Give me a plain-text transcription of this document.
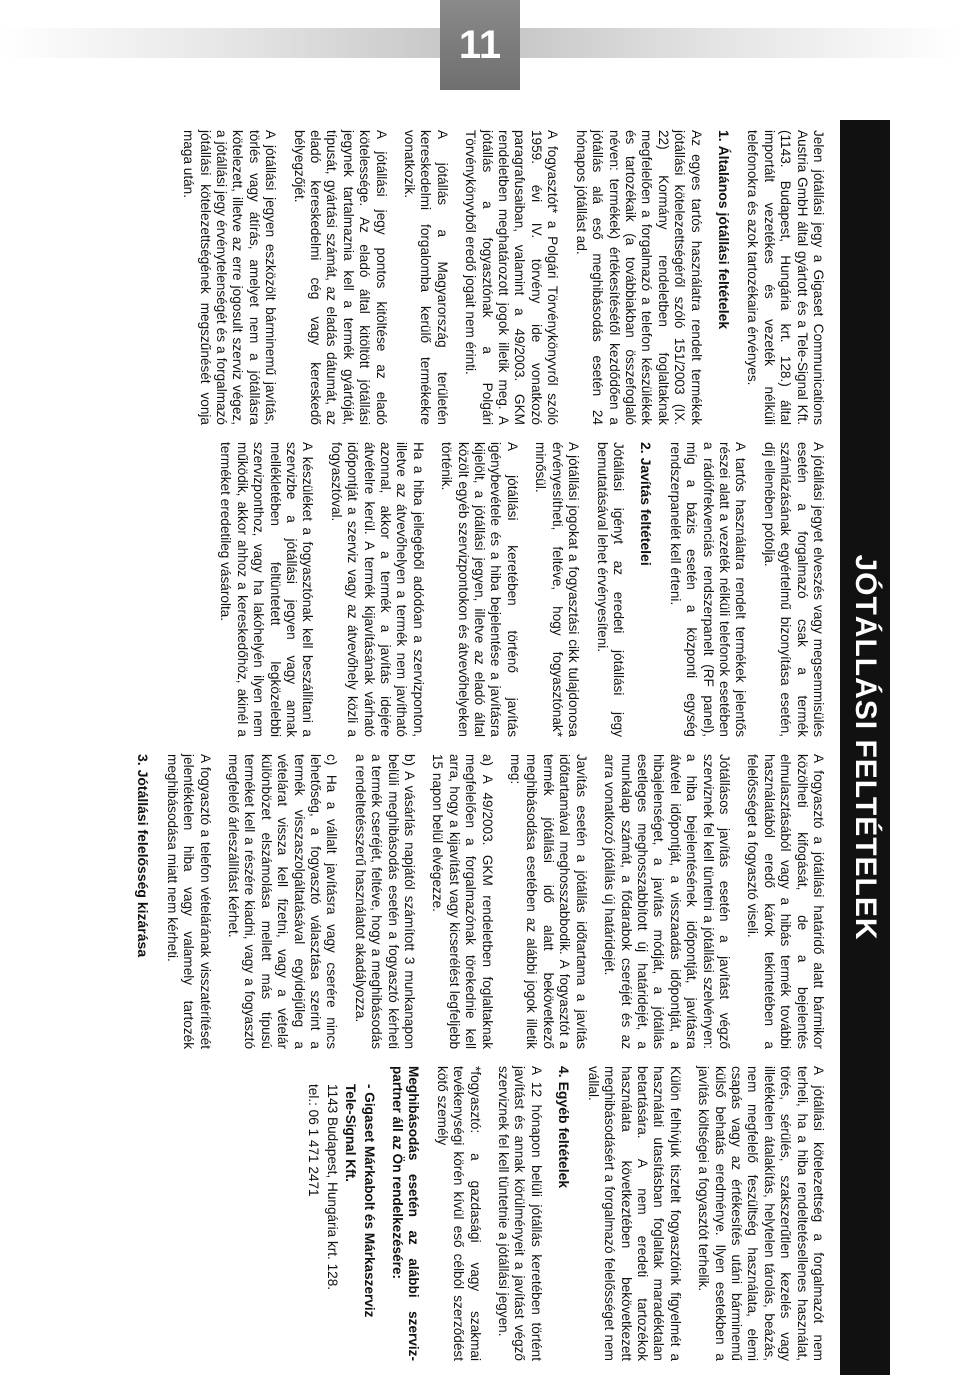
11
JÓTÁLLÁSI FELTÉTELEK

Jelen jótállási jegy a Gigaset Communications Austria GmbH által gyártott és a Tele-Signal Kft. (1143. Budapest, Hungária krt. 128.) által importált vezetékes és vezeték nélküli telefonokra és azok tartozékaira érvényes.

1. Általános jótállási feltételek

Az egyes tartós használatra rendelt termékek jótállási kötelezettségéről szóló 151/2003 (IX. 22) Kormány rendeletben foglaltaknak megfelelően a forgalmazó a telefon készülékek és tartozékaik (a továbbiakban összefoglaló néven: termékek) értékesítésétől kezdődően a jótállás alá eső meghibásodás esetén 24 hónapos jótállást ad.

A fogyasztót* a Polgári Törvénykönyvről szóló 1959. évi IV. törvény ide vonatkozó paragrafusaiban, valamint a 49/2003. GKM rendeletben meghatározott jogok illetik meg. A jótállás a fogyasztónak a Polgári Törvénykönyvből eredő jogait nem érinti.

A jótállás a Magyarország területén kereskedelmi forgalomba kerülő termékekre vonatkozik.

A jótállási jegy pontos kitöltése az eladó kötelessége. Az eladó által kitöltött jótállási jegynek tartalmaznia kell a termék gyártóját, típusát, gyártási számát, az eladás dátumát, az eladó kereskedelmi cég vagy kereskedő bélyegzőjét.

A jótállási jegyen eszközölt bárminemű javítás, törlés vagy átírás, amelyet nem a jótállásra kötelezett, illetve az erre jogosult szerviz végez, a jótállási jegy érvénytelenségét és a forgalmazó jótállási kötelezettségének megszűnését vonja maga után.

A jótállási jegyet elveszés vagy megsemmisülés esetén a forgalmazó csak a termék számlázásának egyértelmű bizonyítása esetén, díj ellenében pótolja.

A tartós használatra rendelt termékek jelentős részei alatt a vezeték nélküli telefonok esetében a rádiófrekvenciás rendszerpanelt (RF panel), míg a bázis esetén a központi egység rendszerpanelét kell érteni.

2. Javítás feltételei

Jótállási igényt az eredeti jótállási jegy bemutatásával lehet érvényesíteni.

A jótállási jogokat a fogyasztási cikk tulajdonosa érvényesítheti, feltéve, hogy fogyasztónak* minősül.

A jótállási keretében történő javítás igénybevétele és a hiba bejelentése a javításra kijelölt, a jótállási jegyen, illetve az eladó által közölt egyéb szervizpontokon és átvevőhelyeken történik.

Ha a hiba jellegéből adódóan a szervizponton, illetve az átvevőhelyen a termék nem javítható azonnal, akkor a termék a javítás idejére átvételre kerül. A termék kijavításának várható időpontját a szerviz vagy az átvevőhely közli a fogyasztóval.

A készüléket a fogyasztónak kell beszállítani a szervizbe a jótállási jegyen vagy annak mellékletében feltüntetett legközelebbi szervizponthoz, vagy ha lakóhelyén ilyen nem működik, akkor ahhoz a kereskedőhöz, akinél a terméket eredetileg vásárolta.

A fogyasztó a jótállási határidő alatt bármikor közölheti kifogását, de a bejelentés elmulasztásából vagy a hibás termék további használatából eredő károk tekintetében a felelősséget a fogyasztó viseli.

Jótállásos javítás esetén a javítást végző szerviznek fel kell tüntetni a jótállási szelvényen: a hiba bejelentésének időpontját, javításra átvétel időpontját, a visszaadás időpontját, a hibajelenséget, a javítás módját, a jótállás esetleges meghosszabbított új határidejét, a munkalap számát, a fődarabok cseréjét és az arra vonatkozó jótállás új határidejét.

Javítás esetén a jótállás időtartama a javítás időtartamával meghosszabbodik. A fogyasztót a termék jótállási idő alatt bekövetkező meghibásodása esetében az alábbi jogok illetik meg:

a) A 49/2003. GKM rendeletben foglaltaknak megfelelően a forgalmazónak törekednie kell arra, hogy a kijavítást vagy kicserélést legfeljebb 15 napon belül elvégezze.

b) A vásárlás napjától számított 3 munkanapon belüli meghibásodás esetén a fogyasztó kérheti a termék cseréjét, feltéve, hogy a meghibásodás a rendeltetésszerű használatot akadályozza.

c) Ha a vállalt javításra vagy cserére nincs lehetőség, a fogyasztó választása szerint a termék visszaszolgáltatásával egyidejűleg a vételárat vissza kell fizetni, vagy a vételár különbözet elszámolása mellett más típusú terméket kell a részére kiadni, vagy a fogyasztó megfelelő árleszállítást kérhet.

A fogyasztó a telefon vételárának visszatérítését jelentéktelen hiba vagy valamely tartozék meghibásodása miatt nem kérheti.

3. Jótállási felelősség kizárása

A jótállási kötelezettség a forgalmazót nem terheli, ha a hiba rendeltetésellenes használat, törés, sérülés, szakszerűtlen kezelés vagy illetéktelen átalakítás, helytelen tárolás, beázás, nem megfelelő feszültség használata, elemi csapás vagy az értékesítés utáni bárminemű külső behatás eredménye. Ilyen esetekben a javítás költségei a fogyasztót terhelik.

Külön felhívjuk tisztelt fogyasztóink figyelmét a használati utasításban foglaltak maradéktalan betartására. A nem eredeti tartozékok használata következtében bekövetkezett meghibásodásért a forgalmazó felelősséget nem vállal.

4. Egyéb feltételek

A 12 hónapon belüli jótállás keretében történt javítást és annak körülményeit a javítást végző szerviznek fel kell tüntetnie a jótállási jegyen.

*fogyasztó: a gazdasági vagy szakmai tevékenységi körén kívül eső célból szerződést kötő személy

Meghibásodás esetén az alábbi szerviz-partner áll az Ön rendelkezésére:

- Gigaset Márkabolt és Márkaszerviz
Tele-Signal Kft.
1143 Budapest, Hungária krt. 128.
tel.: 06 1 471 2471
